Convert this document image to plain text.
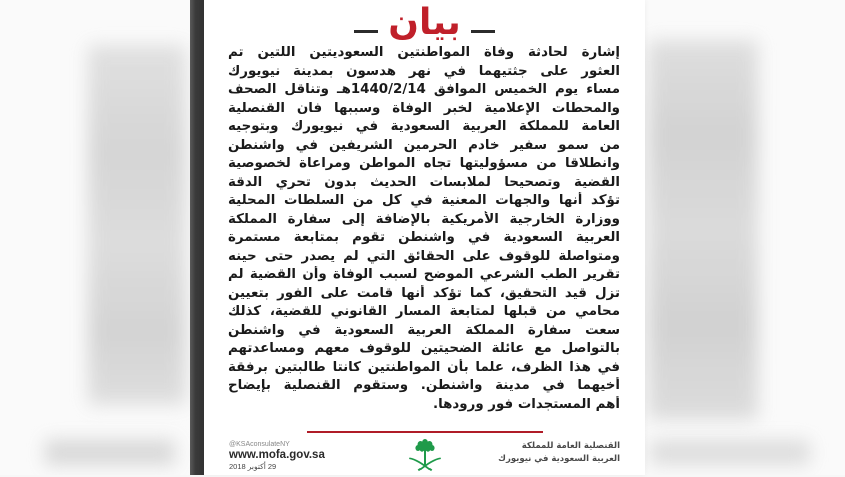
بيان
إشارة لحادثة وفاة المواطنتين السعوديتين اللتين تم
العثور على جثتيهما في نهر هدسون بمدينة نيويورك
مساء يوم الخميس الموافق 1440/2/14هـ وتناقل الصحف
والمحطات الإعلامية لخبر الوفاة وسببها فان القنصلية
العامة للمملكة العربية السعودية في نيويورك وبتوجيه
من سمو سفير خادم الحرمين الشريفين في واشنطن
وانطلاقا من مسؤوليتها تجاه المواطن ومراعاة لخصوصية
القضية وتصحيحا لملابسات الحديث بدون تحري الدقة
تؤكد أنها والجهات المعنية في كل من السلطات المحلية
ووزارة الخارجية الأمريكية بالإضافة إلى سفارة المملكة
العربية السعودية في واشنطن تقوم بمتابعة مستمرة
ومتواصلة للوقوف على الحقائق التي لم يصدر حتى حينه
تقرير الطب الشرعي الموضح لسبب الوفاة وأن القضية لم
تزل قيد التحقيق، كما تؤكد أنها قامت على الفور بتعيين
محامي من قبلها لمتابعة المسار القانوني للقضية، كذلك
سعت سفارة المملكة العربية السعودية في واشنطن
بالتواصل مع عائلة الضحيتين للوقوف معهم ومساعدتهم
في هذا الظرف، علما بأن المواطنتين كانتا طالبتين برفقة
أخيهما في مدينة واشنطن. وستقوم القنصلية بإيضاح
أهم المستجدات فور ورودها.
@KSAconsulateNY
www.mofa.gov.sa
29 أكتوبر 2018
القنصلية العامة للمملكة
العربية السعودية في نيويورك
